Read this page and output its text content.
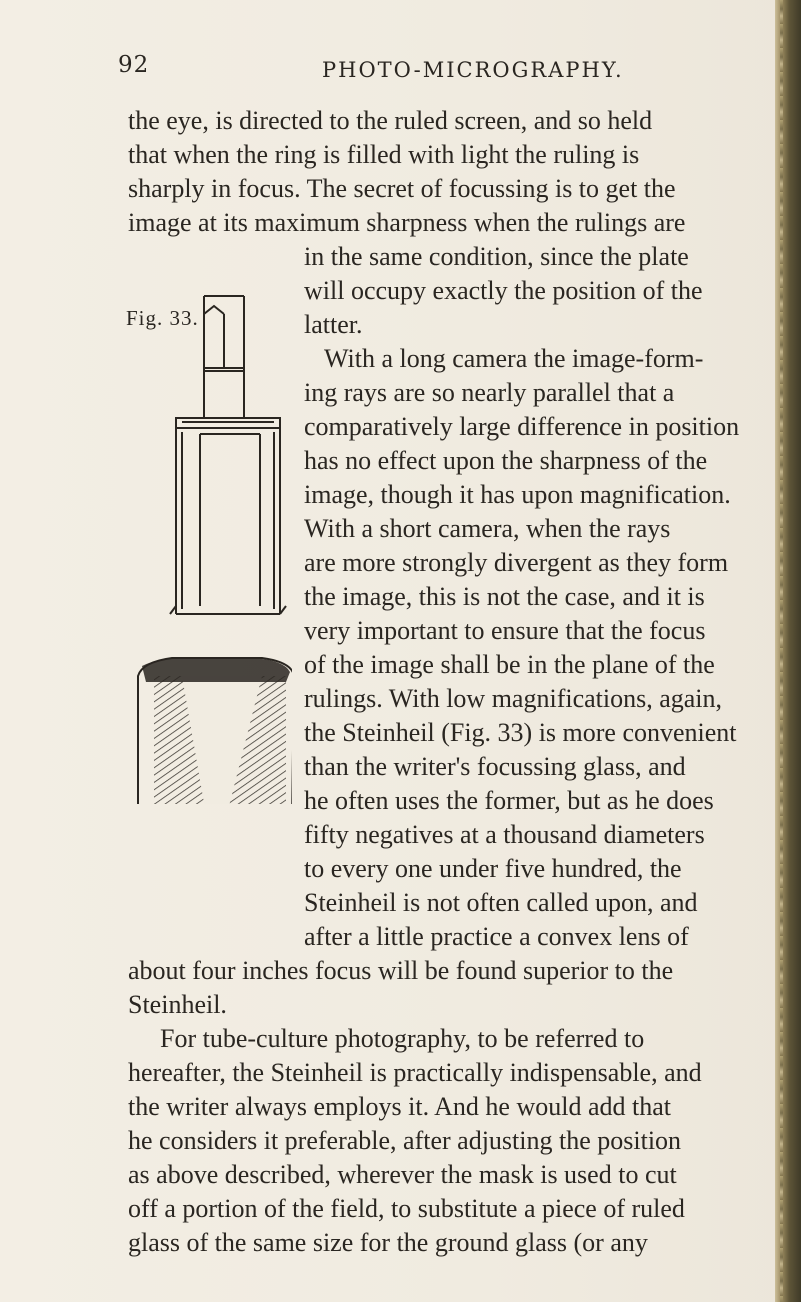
92	PHOTO-MICROGRAPHY.
Fig. 33.
the eye, is directed to the ruled screen, and so held
that when the ring is filled with light the ruling is
sharply in focus. The secret of focussing is to get the
image at its maximum sharpness when the rulings are
in the same condition, since the plate
will occupy exactly the position of the
latter.
With a long camera the image-form-
ing rays are so nearly parallel that a
comparatively large difference in position
has no effect upon the sharpness of the
image, though it has upon magnification.
With a short camera, when the rays
are more strongly divergent as they form
the image, this is not the case, and it is
very important to ensure that the focus
of the image shall be in the plane of the
rulings. With low magnifications, again,
the Steinheil (Fig. 33) is more convenient
than the writer's focussing glass, and
he often uses the former, but as he does
fifty negatives at a thousand diameters
to every one under five hundred, the
Steinheil is not often called upon, and
after a little practice a convex lens of
about four inches focus will be found superior to the
Steinheil.
For tube-culture photography, to be referred to
hereafter, the Steinheil is practically indispensable, and
the writer always employs it. And he would add that
he considers it preferable, after adjusting the position
as above described, wherever the mask is used to cut
off a portion of the field, to substitute a piece of ruled
glass of the same size for the ground glass (or any
